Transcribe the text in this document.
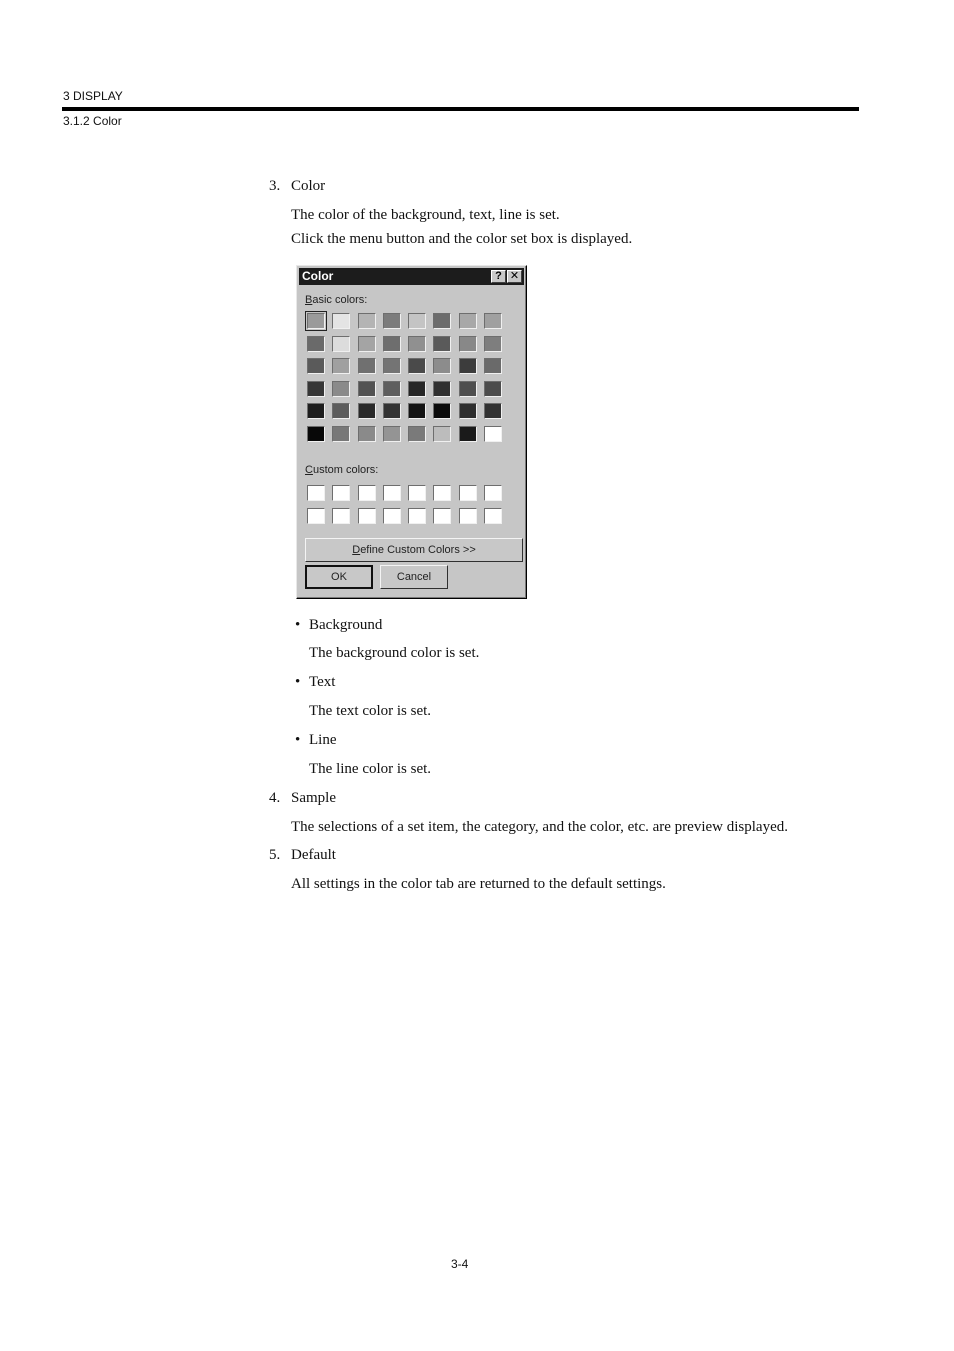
3 DISPLAY
3.1.2 Color
3. Color
The color of the background, text, line is set.
Click the menu button and the color set box is displayed.
Color	? ✕
Basic colors:
Custom colors:
Define Custom Colors >>
OK	Cancel
• Background
The background color is set.
• Text
The text color is set.
• Line
The line color is set.
4. Sample
The selections of a set item, the category, and the color, etc. are preview displayed.
5. Default
All settings in the color tab are returned to the default settings.
3-4
